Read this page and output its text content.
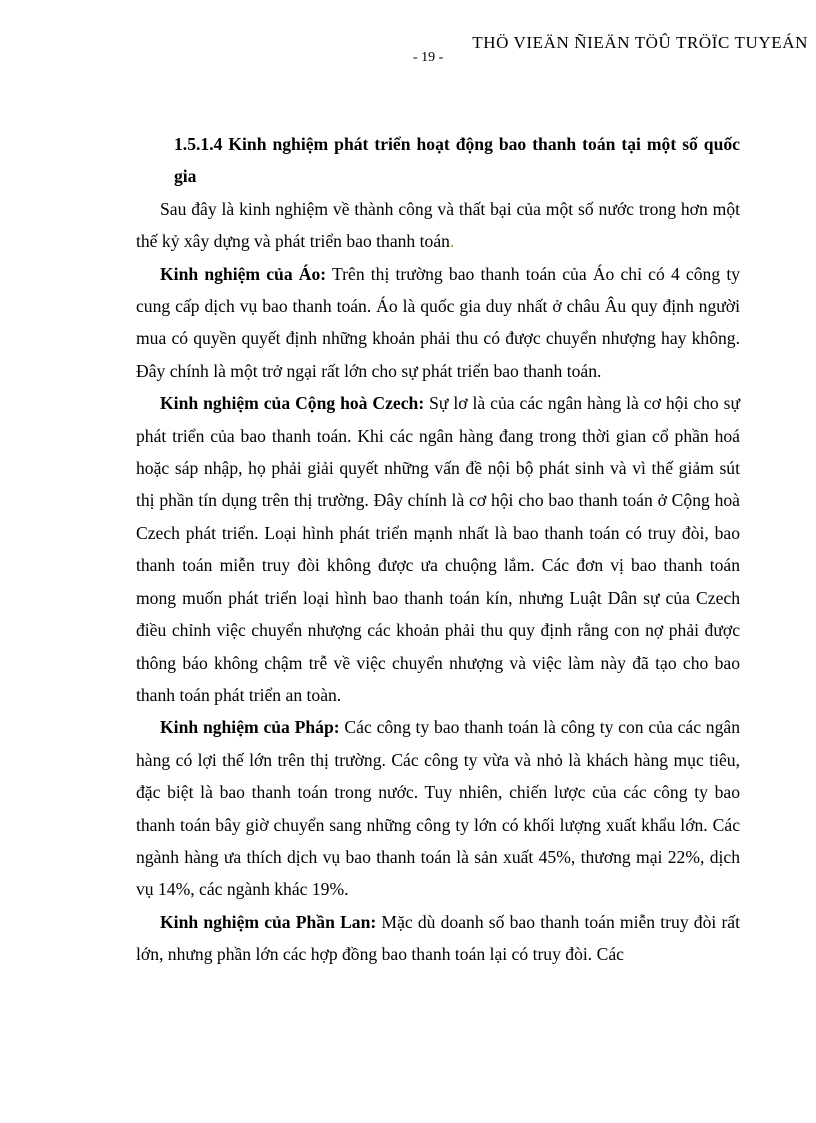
- 19 -
THÖ VIEÄN ÑIEÄN TÖÛ TRÖÏC TUYEÁN

1.5.1.4 Kinh nghiệm phát triển hoạt động bao thanh toán tại một số quốc gia

Sau đây là kinh nghiệm về thành công và thất bại của một số nước trong hơn một thế kỷ xây dựng và phát triển bao thanh toán.

Kinh nghiệm của Áo: Trên thị trường bao thanh toán của Áo chỉ có 4 công ty cung cấp dịch vụ bao thanh toán. Áo là quốc gia duy nhất ở châu Âu quy định người mua có quyền quyết định những khoản phải thu có được chuyển nhượng hay không. Đây chính là một trở ngại rất lớn cho sự phát triển bao thanh toán.

Kinh nghiệm của Cộng hoà Czech: Sự lơ là của các ngân hàng là cơ hội cho sự phát triển của bao thanh toán. Khi các ngân hàng đang trong thời gian cổ phần hoá hoặc sáp nhập, họ phải giải quyết những vấn đề nội bộ phát sinh và vì thế giảm sút thị phần tín dụng trên thị trường. Đây chính là cơ hội cho bao thanh toán ở Cộng hoà Czech phát triển. Loại hình phát triển mạnh nhất là bao thanh toán có truy đòi, bao thanh toán miễn truy đòi không được ưa chuộng lắm. Các đơn vị bao thanh toán mong muốn phát triển loại hình bao thanh toán kín, nhưng Luật Dân sự của Czech điều chỉnh việc chuyển nhượng các khoản phải thu quy định rằng con nợ phải được thông báo không chậm trễ về việc chuyển nhượng và việc làm này đã tạo cho bao thanh toán phát triển an toàn.

Kinh nghiệm của Pháp: Các công ty bao thanh toán là công ty con của các ngân hàng có lợi thế lớn trên thị trường. Các công ty vừa và nhỏ là khách hàng mục tiêu, đặc biệt là bao thanh toán trong nước. Tuy nhiên, chiến lược của các công ty bao thanh toán bây giờ chuyển sang những công ty lớn có khối lượng xuất khẩu lớn. Các ngành hàng ưa thích dịch vụ bao thanh toán là sản xuất 45%, thương mại 22%, dịch vụ 14%, các ngành khác 19%.

Kinh nghiệm của Phần Lan: Mặc dù doanh số bao thanh toán miễn truy đòi rất lớn, nhưng phần lớn các hợp đồng bao thanh toán lại có truy đòi. Các
